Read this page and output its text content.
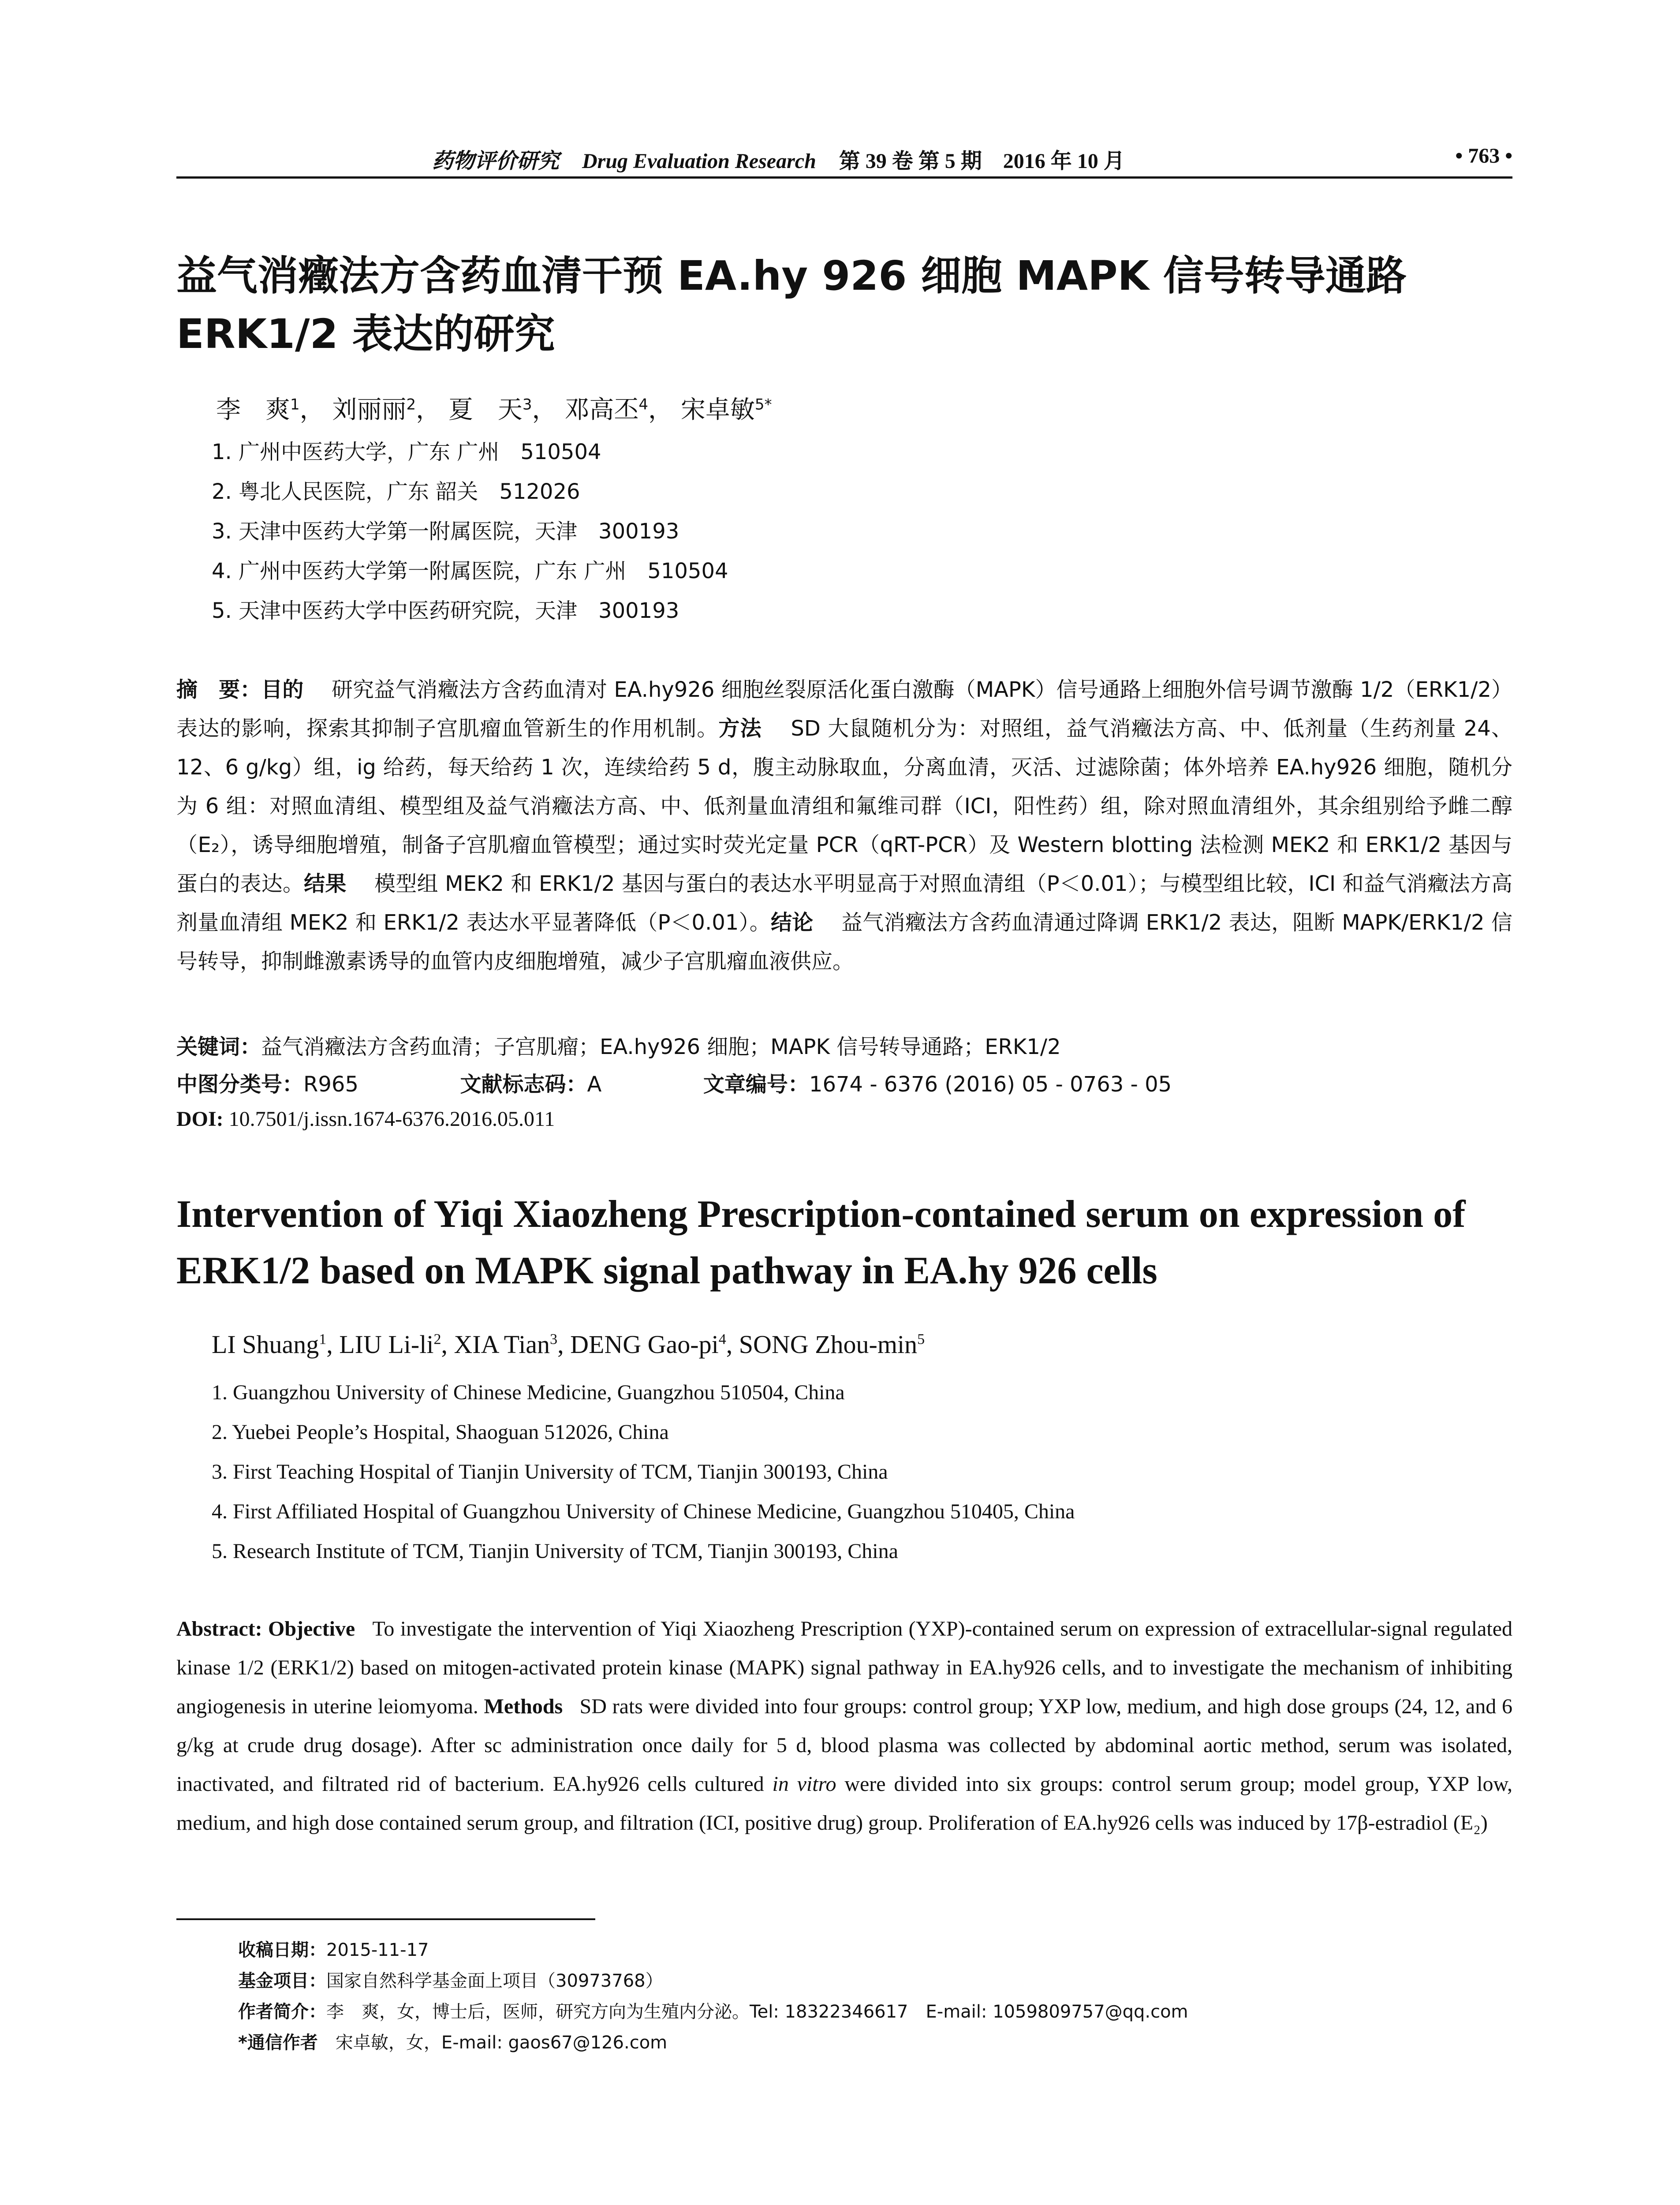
药物评价研究 Drug Evaluation Research 第 39 卷 第 5 期　2016 年 10 月	• 763 •
益气消癥法方含药血清干预 EA.hy 926 细胞 MAPK 信号转导通路 ERK1/2 表达的研究
李　爽$^1$， 刘丽丽$^2$， 夏　天$^3$， 邓高丕$^4$， 宋卓敏$^{5*}$
1. 广州中医药大学，广东 广州　510504
2. 粤北人民医院，广东 韶关　512026
3. 天津中医药大学第一附属医院，天津　300193
4. 广州中医药大学第一附属医院，广东 广州　510504
5. 天津中医药大学中医药研究院，天津　300193
摘　要：目的　 研究益气消癥法方含药血清对 EA.hy926 细胞丝裂原活化蛋白激酶（MAPK）信号通路上细胞外信号调节激酶 1/2（ERK1/2）表达的影响，探索其抑制子宫肌瘤血管新生的作用机制。方法　 SD 大鼠随机分为：对照组，益气消癥法方高、中、低剂量（生药剂量 24、12、6 g/kg）组，ig 给药，每天给药 1 次，连续给药 5 d，腹主动脉取血，分离血清，灭活、过滤除菌；体外培养 EA.hy926 细胞，随机分为 6 组：对照血清组、模型组及益气消癥法方高、中、低剂量血清组和氟维司群（ICI，阳性药）组，除对照血清组外，其余组别给予雌二醇（E₂），诱导细胞增殖，制备子宫肌瘤血管模型；通过实时荧光定量 PCR（qRT-PCR）及 Western blotting 法检测 MEK2 和 ERK1/2 基因与蛋白的表达。结果　 模型组 MEK2 和 ERK1/2 基因与蛋白的表达水平明显高于对照血清组（P＜0.01）；与模型组比较，ICI 和益气消癥法方高剂量血清组 MEK2 和 ERK1/2 表达水平显著降低（P＜0.01）。结论　 益气消癥法方含药血清通过降调 ERK1/2 表达，阻断 MAPK/ERK1/2 信号转导，抑制雌激素诱导的血管内皮细胞增殖，减少子宫肌瘤血液供应。
关键词：益气消癥法方含药血清；子宫肌瘤；EA.hy926 细胞；MAPK 信号转导通路；ERK1/2
中图分类号：R965	文献标志码：A	文章编号：1674 - 6376 (2016) 05 - 0763 - 05
DOI: 10.7501/j.issn.1674-6376.2016.05.011
Intervention of Yiqi Xiaozheng Prescription-contained serum on expression of ERK1/2 based on MAPK signal pathway in EA.hy 926 cells
LI Shuang$^1$, LIU $Li-li^2$, XIA Tian$^3$, DENG Gao-$pi^4$, SONG Zhou-$\min^5$
1. Guangzhou University of Chinese Medicine, Guangzhou 510504, China
2. Yuebei People’s Hospital, Shaoguan 512026, China
3. First Teaching Hospital of Tianjin University of TCM, Tianjin 300193, China
4. First Affiliated Hospital of Guangzhou University of Chinese Medicine, Guangzhou 510405, China
5. Research Institute of TCM, Tianjin University of TCM, Tianjin 300193, China
Abstract: Objective To investigate the intervention of Yiqi Xiaozheng Prescription (YXP)-contained serum on expression of extracellular-signal regulated kinase 1/2 (ERK1/2) based on mitogen-activated protein kinase (MAPK) signal pathway in EA.hy926 cells, and to investigate the mechanism of inhibiting angiogenesis in uterine leiomyoma. Methods SD rats were divided into four groups: control group; YXP low, medium, and high dose groups (24, 12, and 6 g/kg at crude drug dosage). After sc administration once daily for 5 d, blood plasma was collected by abdominal aortic method, serum was isolated, inactivated, and filtrated rid of bacterium. EA.hy926 cells cultured in vitro were divided into six groups: control serum group; model group, YXP low, medium, and high dose contained serum group, and filtration (ICI, positive drug) group. Proliferation of EA.hy926 cells was induced by 17β-estradiol (E₂)
收稿日期：2015-11-17
基金项目：国家自然科学基金面上项目（30973768）
作者简介：李　爽，女，博士后，医师，研究方向为生殖内分泌。Tel: 18322346617　E-mail: 1059809757@qq.com
*通信作者　 宋卓敏，女，E-mail: gaos67@126.com
